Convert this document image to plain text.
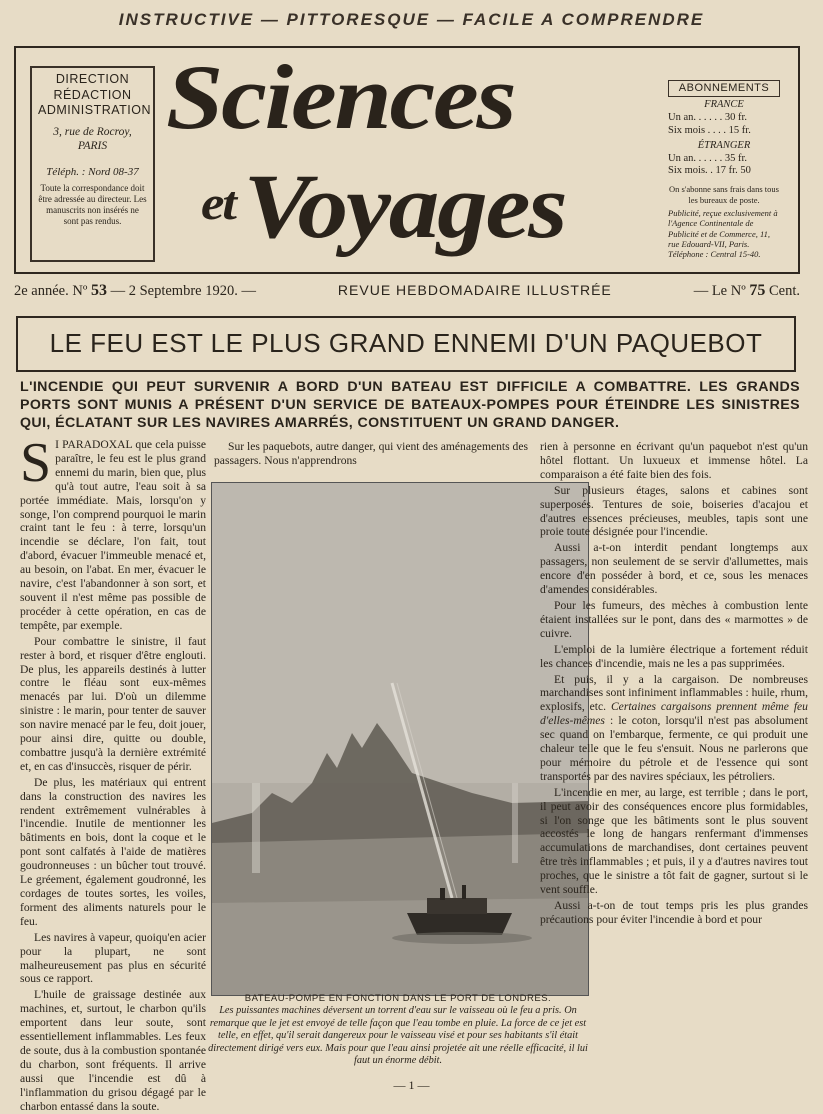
INSTRUCTIVE — PITTORESQUE — FACILE A COMPRENDRE
DIRECTION
RÉDACTION
ADMINISTRATION
3, rue de Rocroy, PARIS
Téléph. : Nord 08-37
Toute la correspondance doit être adressée au directeur. Les manuscrits non insérés ne sont pas rendus.
Sciences
etVoyages
ABONNEMENTS
FRANCE
Un an. . . . . . 30 fr.
Six mois . . . . 15 fr.
ÉTRANGER
Un an. . . . . . 35 fr.
Six mois. . 17 fr. 50
On s'abonne sans frais dans tous les bureaux de poste.
Publicité, reçue exclusivement à l'Agence Continentale de Publicité et de Commerce, 11, rue Edouard-VII, Paris. Téléphone : Central 15-40.
2e année. Nº 53 — 2 Septembre 1920. —	REVUE HEBDOMADAIRE ILLUSTRÉE	— Le Nº 75 Cent.
LE FEU EST LE PLUS GRAND ENNEMI D'UN PAQUEBOT
L'INCENDIE QUI PEUT SURVENIR A BORD D'UN BATEAU EST DIFFICILE A COMBATTRE. LES GRANDS PORTS SONT MUNIS A PRÉSENT D'UN SERVICE DE BATEAUX-POMPES POUR ÉTEINDRE LES SINISTRES QUI, ÉCLATANT SUR LES NAVIRES AMARRÉS, CONSTITUENT UN GRAND DANGER.

S I PARADOXAL que cela puisse paraître, le feu est le plus grand ennemi du marin, bien que, plus qu'à tout autre, l'eau soit à sa portée immédiate. Mais, lorsqu'on y songe, l'on comprend pourquoi le marin craint tant le feu : à terre, lorsqu'un incendie se déclare, l'on fait, tout d'abord, évacuer l'immeuble menacé et, au besoin, on l'abat. En mer, évacuer le navire, c'est l'abandonner à son sort, et souvent il n'est même pas possible de procéder à cette opération, en cas de tempête, par exemple.

Pour combattre le sinistre, il faut rester à bord, et risquer d'être englouti. De plus, les appareils destinés à lutter contre le fléau sont eux-mêmes menacés par lui. D'où un dilemme sinistre : le marin, pour tenter de sauver son navire menacé par le feu, doit jouer, pour ainsi dire, quitte ou double, combattre jusqu'à la dernière extrémité et, en cas d'insuccès, risquer de périr.

De plus, les matériaux qui entrent dans la construction des navires les rendent extrêmement vulnérables à l'incendie. Inutile de mentionner les bâtiments en bois, dont la coque et le pont sont calfatés à l'aide de matières goudronneuses : un bûcher tout trouvé. Le gréement, également goudronné, les cordages de toutes sortes, les voiles, forment des aliments naturels pour le feu.

Les navires à vapeur, quoiqu'en acier pour la plupart, ne sont malheureusement pas plus en sécurité sous ce rapport.

L'huile de graissage destinée aux machines, et, surtout, le charbon qu'ils emportent dans leur soute, sont essentiellement inflammables. Les feux de soute, dus à la combustion spontanée du charbon, sont fréquents. Il arrive aussi que l'incendie est dû à l'inflammation du grisou dégagé par le charbon entassé dans la soute.

Sur les paquebots, autre danger, qui vient des aménagements des passagers. Nous n'apprendrons

BATEAU-POMPE EN FONCTION DANS LE PORT DE LONDRES.
Les puissantes machines déversent un torrent d'eau sur le vaisseau où le feu a pris. On remarque que le jet est envoyé de telle façon que l'eau tombe en pluie. La force de ce jet est telle, en effet, qu'il serait dangereux pour le vaisseau visé et pour ses habitants s'il était directement dirigé vers eux. Mais pour que l'eau ainsi projetée ait une réelle efficacité, il lui faut un énorme débit.

rien à personne en écrivant qu'un paquebot n'est qu'un hôtel flottant. Un luxueux et immense hôtel. La comparaison a été faite bien des fois.

Sur plusieurs étages, salons et cabines sont superposés. Tentures de soie, boiseries d'acajou et d'autres essences précieuses, meubles, tapis sont une proie toute désignée pour l'incendie.

Aussi a-t-on interdit pendant longtemps aux passagers, non seulement de se servir d'allumettes, mais encore d'en posséder à bord, et ce, sous les menaces d'amendes considérables.

Pour les fumeurs, des mèches à combustion lente étaient installées sur le pont, dans des « marmottes » de cuivre.

L'emploi de la lumière électrique a fortement réduit les chances d'incendie, mais ne les a pas supprimées.

Et puis, il y a la cargaison. De nombreuses marchandises sont infiniment inflammables : huile, rhum, explosifs, etc. Certaines cargaisons prennent même feu d'elles-mêmes : le coton, lorsqu'il n'est pas absolument sec quand on l'embarque, fermente, ce qui produit une chaleur telle que le feu s'ensuit. Nous ne parlerons que pour mémoire du pétrole et de l'essence qui sont transportés par des navires spéciaux, les pétroliers.

L'incendie en mer, au large, est terrible ; dans le port, il peut avoir des conséquences encore plus formidables, si l'on songe que les bâtiments sont le plus souvent accostés le long de hangars renfermant d'immenses accumulations de marchandises, dont certaines peuvent être très inflammables ; et puis, il y a d'autres navires tout proches, que le sinistre a tôt fait de gagner, surtout si le vent souffle.

Aussi a-t-on de tout temps pris les plus grandes précautions pour éviter l'incendie à bord et pour

— 1 —
